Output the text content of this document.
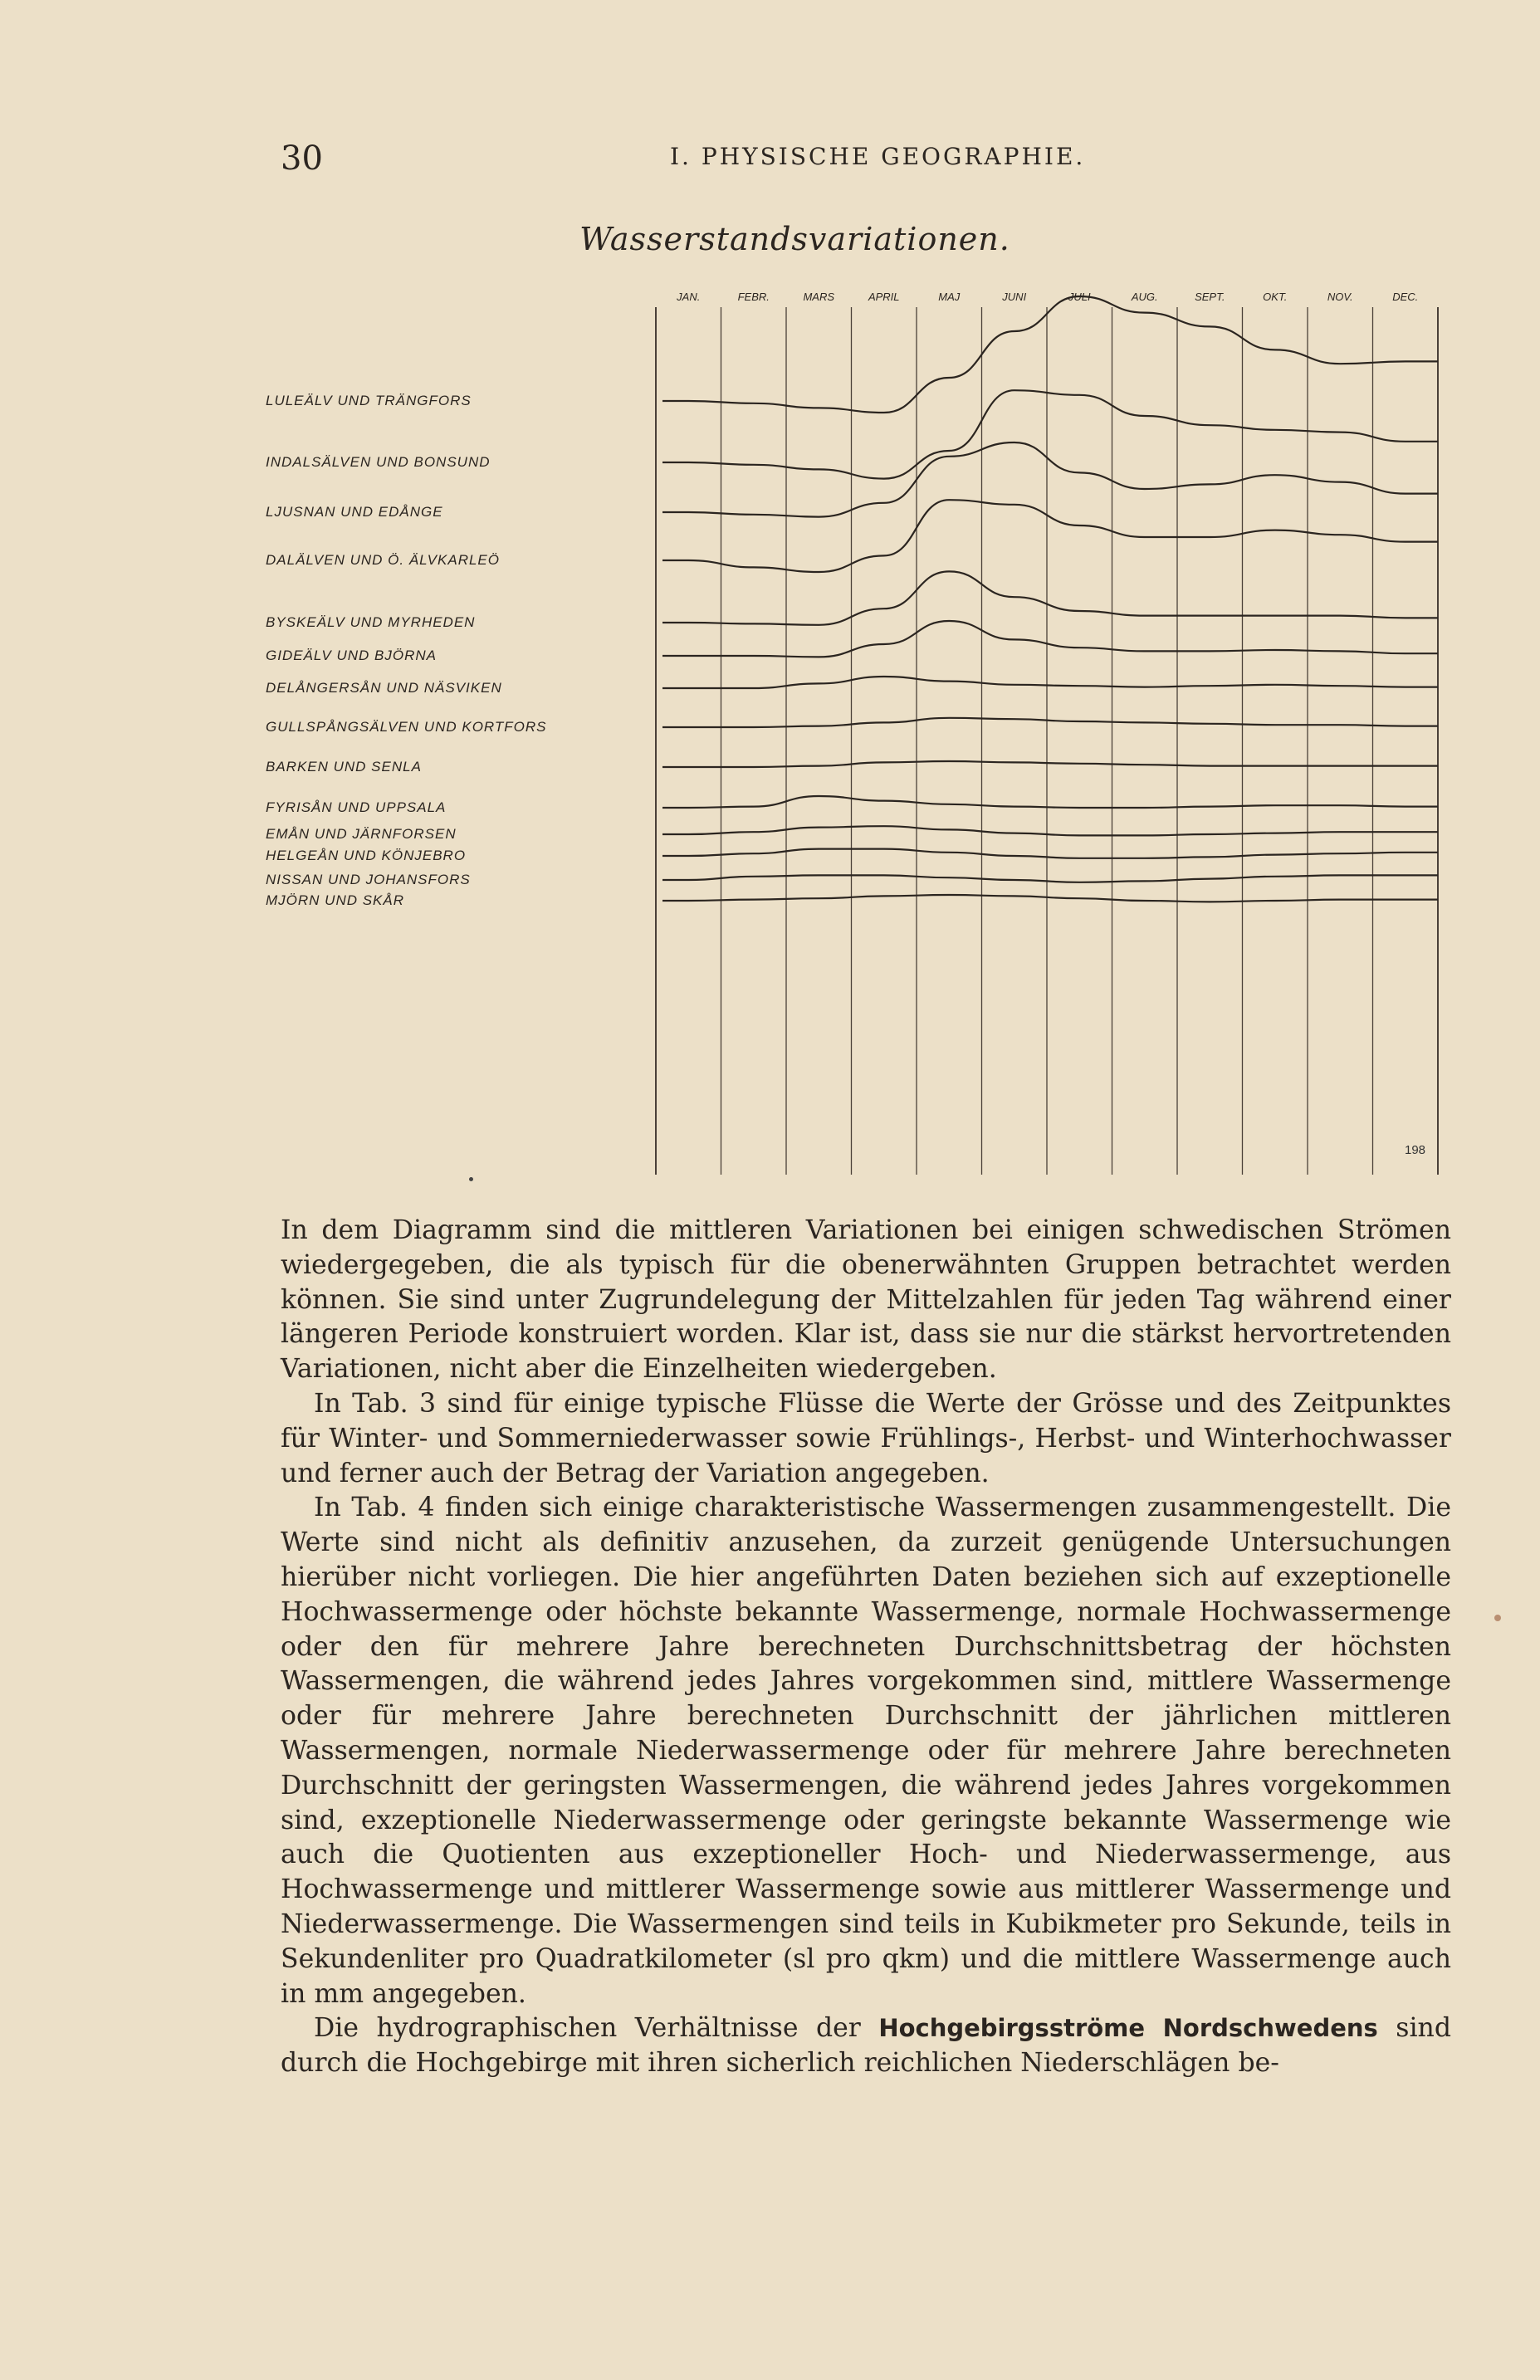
30	I. PHYSISCHE GEOGRAPHIE.
Wasserstandsvariationen.
JAN.	FEBR.	MARS	APRIL	MAJ	JUNI	JULI	AUG.	SEPT.	OKT.	NOV.	DEC.
LULEÄLV UND TRÄNGFORS
INDALSÄLVEN UND BONSUND
LJUSNAN UND EDÅNGE
DALÄLVEN UND Ö. ÄLVKARLEÖ
BYSKEÄLV UND MYRHEDEN
GIDEÄLV UND BJÖRNA
DELÅNGERSÅN UND NÄSVIKEN
GULLSPÅNGSÄLVEN UND KORTFORS
BARKEN UND SENLA
FYRISÅN UND UPPSALA
EMÅN UND JÄRNFORSEN
HELGEÅN UND KÖNJEBRO
NISSAN UND JOHANSFORS
MJÖRN UND SKÅR
198

In dem Diagramm sind die mittleren Variationen bei einigen schwedischen Strömen wiedergegeben, die als typisch für die obenerwähnten Gruppen betrachtet werden können. Sie sind unter Zugrundelegung der Mittelzahlen für jeden Tag während einer längeren Periode konstruiert worden. Klar ist, dass sie nur die stärkst hervortretenden Variationen, nicht aber die Einzelheiten wiedergeben.

In Tab. 3 sind für einige typische Flüsse die Werte der Grösse und des Zeitpunktes für Winter- und Sommerniederwasser sowie Frühlings-, Herbst- und Winterhochwasser und ferner auch der Betrag der Variation angegeben.

In Tab. 4 finden sich einige charakteristische Wassermengen zusammengestellt. Die Werte sind nicht als definitiv anzusehen, da zurzeit genügende Untersuchungen hierüber nicht vorliegen. Die hier angeführten Daten beziehen sich auf exzeptionelle Hochwassermenge oder höchste bekannte Wassermenge, normale Hochwassermenge oder den für mehrere Jahre berechneten Durchschnittsbetrag der höchsten Wassermengen, die während jedes Jahres vorgekommen sind, mittlere Wassermenge oder für mehrere Jahre berechneten Durchschnitt der jährlichen mittleren Wassermengen, normale Niederwassermenge oder für mehrere Jahre berechneten Durchschnitt der geringsten Wassermengen, die während jedes Jahres vorgekommen sind, exzeptionelle Niederwassermenge oder geringste bekannte Wassermenge wie auch die Quotienten aus exzeptioneller Hoch- und Niederwassermenge, aus Hochwassermenge und mittlerer Wassermenge sowie aus mittlerer Wassermenge und Niederwassermenge. Die Wassermengen sind teils in Kubikmeter pro Sekunde, teils in Sekundenliter pro Quadratkilometer (sl pro qkm) und die mittlere Wassermenge auch in mm angegeben.

Die hydrographischen Verhältnisse der Hochgebirgsströme Nordschwedens sind durch die Hochgebirge mit ihren sicherlich reichlichen Niederschlägen be-
